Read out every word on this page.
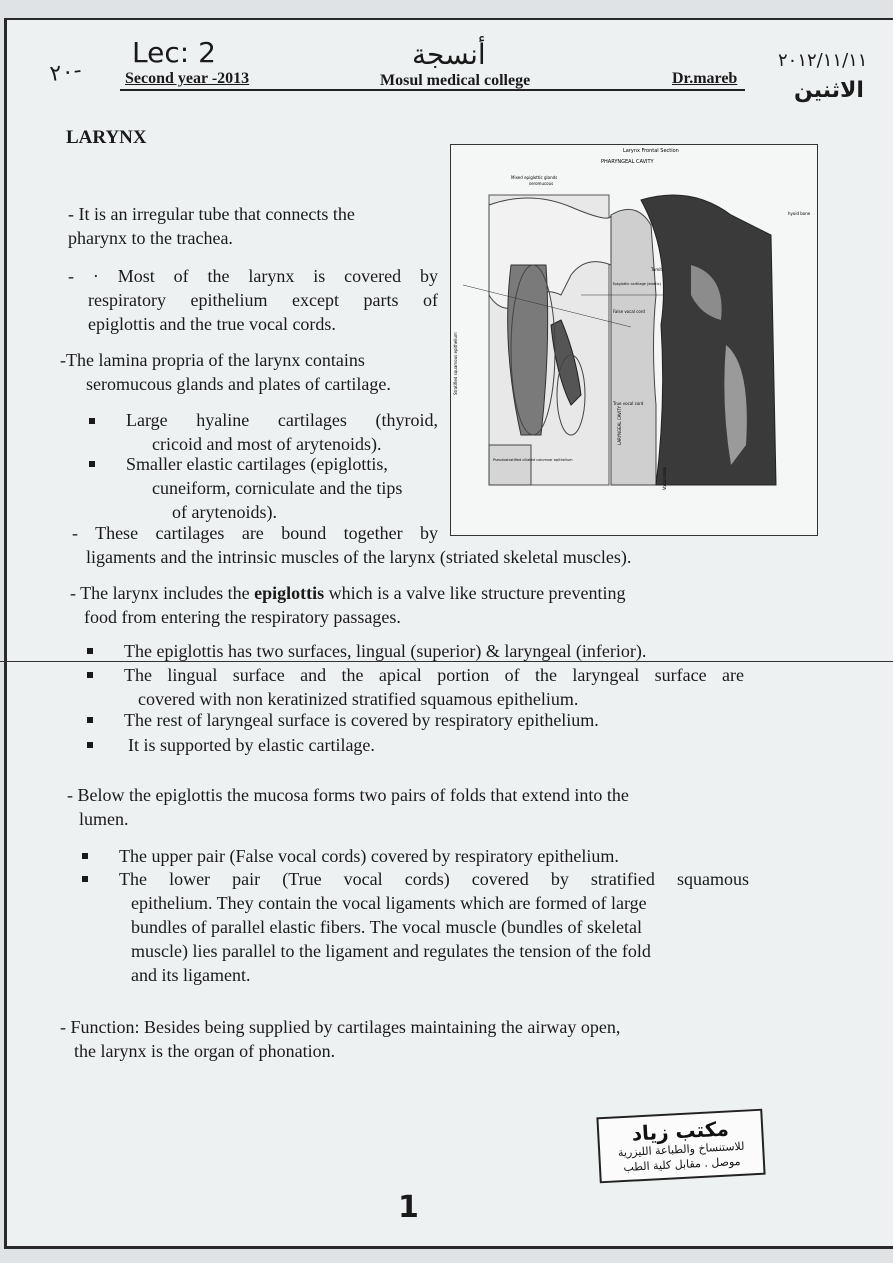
Lec: 2
٢٠-	Second year -2013
أنسجة
Mosul medical college	Dr.mareb
٢٠١٢/١١/١١
الاثنين
LARYNX
Larynx Frontal Section
PHARYNGEAL CAVITY
Mixed epiglottic glands
seromucous
hyoid bone
Tumit
Epiglottic cartilage (elastic)
False vocal cord
True vocal cord
LARYNGEAL CAVITY
Stratified squamous epithelium
Pseudostratified ciliated columnar epithelium
Vocal cords
- It is an irregular tube that connects the
pharynx to the trachea.
- · Most of the larynx is covered by
respiratory epithelium except parts of
epiglottis and the true vocal cords.
-The lamina propria of the larynx contains
seromucous glands and plates of cartilage.
Large hyaline cartilages (thyroid,
cricoid and most of arytenoids).
Smaller elastic cartilages (epiglottis,
cuneiform, corniculate and the tips
of arytenoids).
- These cartilages are bound together by
ligaments and the intrinsic muscles of the larynx (striated skeletal muscles).
- The larynx includes the epiglottis which is a valve like structure preventing
food from entering the respiratory passages.
The epiglottis has two surfaces, lingual (superior) & laryngeal (inferior).
The lingual surface and the apical portion of the laryngeal surface are
covered with non keratinized stratified squamous epithelium.
The rest of laryngeal surface is covered by respiratory epithelium.
It is supported by elastic cartilage.
- Below the epiglottis the mucosa forms two pairs of folds that extend into the
lumen.
The upper pair (False vocal cords) covered by respiratory epithelium.
The lower pair (True vocal cords) covered by stratified squamous
epithelium. They contain the vocal ligaments which are formed of large
bundles of parallel elastic fibers. The vocal muscle (bundles of skeletal
muscle) lies parallel to the ligament and regulates the tension of the fold
and its ligament.
- Function: Besides being supplied by cartilages maintaining the airway open,
the larynx is the organ of phonation.
مكتب زياد
للاستنساخ والطباعة الليزرية
موصل . مقابل كلية الطب
1
